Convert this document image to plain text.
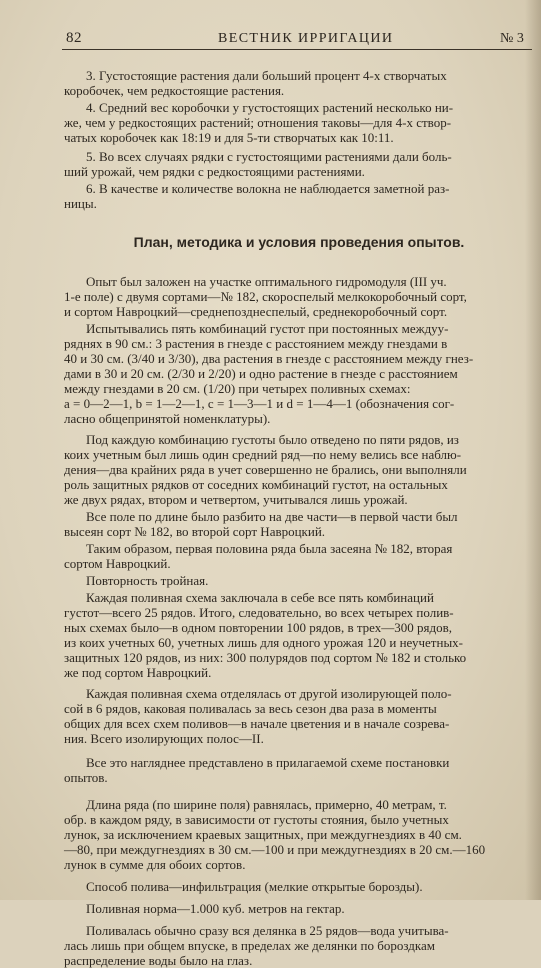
82	ВЕСТНИК ИРРИГАЦИИ	№ 3
3. Густостоящие растения дали больший процент 4-х створчатых
коробочек, чем редкостоящие растения.
4. Средний вес коробочки у густостоящих растений несколько ни-
же, чем у редкостоящих растений; отношения таковы—для 4-х створ-
чатых коробочек как 18:19 и для 5-ти створчатых как 10:11.
5. Во всех случаях рядки с густостоящими растениями дали боль-
ший урожай, чем рядки с редкостоящими растениями.
6. В качестве и количестве волокна не наблюдается заметной раз-
ницы.
План, методика и условия проведения опытов.
Опыт был заложен на участке оптимального гидромодуля (III уч.
1-е поле) с двумя сортами—№ 182, скороспелый мелкокоробочный сорт,
и сортом Навроцкий—среднепозднеспелый, среднекоробочный сорт.
Испытывались пять комбинаций густот при постоянных междуу-
ряднях в 90 см.: 3 растения в гнезде с расстоянием между гнездами в
40 и 30 см. (3/40 и 3/30), два растения в гнезде с расстоянием между гнез-
дами в 30 и 20 см. (2/30 и 2/20) и одно растение в гнезде с расстоянием
между гнездами в 20 см. (1/20) при четырех поливных схемах:
а = 0—2—1, b = 1—2—1, с = 1—3—1 и d = 1—4—1 (обозначения сог-
ласно общепринятой номенклатуры).
Под каждую комбинацию густоты было отведено по пяти рядов, из
коих учетным был лишь один средний ряд—по нему велись все наблю-
дения—два крайних ряда в учет совершенно не брались, они выполняли
роль защитных рядков от соседних комбинаций густот, на остальных
же двух рядах, втором и четвертом, учитывался лишь урожай.
Все поле по длине было разбито на две части—в первой части был
высеян сорт № 182, во второй сорт Навроцкий.
Таким образом, первая половина ряда была засеяна № 182, вторая
сортом Навроцкий.
Повторность тройная.
Каждая поливная схема заключала в себе все пять комбинаций
густот—всего 25 рядов. Итого, следовательно, во всех четырех полив-
ных схемах было—в одном повторении 100 рядов, в трех—300 рядов,
из коих учетных 60, учетных лишь для одного урожая 120 и неучетных-
защитных 120 рядов, из них: 300 полурядов под сортом № 182 и столько
же под сортом Навроцкий.
Каждая поливная схема отделялась от другой изолирующей поло-
сой в 6 рядов, каковая поливалась за весь сезон два раза в моменты
общих для всех схем поливов—в начале цветения и в начале созрева-
ния. Всего изолирующих полос—II.
Все это нагляднее представлено в прилагаемой схеме постановки
опытов.
Длина ряда (по ширине поля) равнялась, примерно, 40 метрам, т.
обр. в каждом ряду, в зависимости от густоты стояния, было учетных
лунок, за исключением краевых защитных, при междугнездиях в 40 см.
—80, при междугнездиях в 30 см.—100 и при междугнездиях в 20 см.—160
лунок в сумме для обоих сортов.
Способ полива—инфильтрация (мелкие открытые борозды).
Поливная норма—1.000 куб. метров на гектар.
Поливалась обычно сразу вся делянка в 25 рядов—вода учитыва-
лась лишь при общем впуске, в пределах же делянки по бороздкам
распределение воды было на глаз.
